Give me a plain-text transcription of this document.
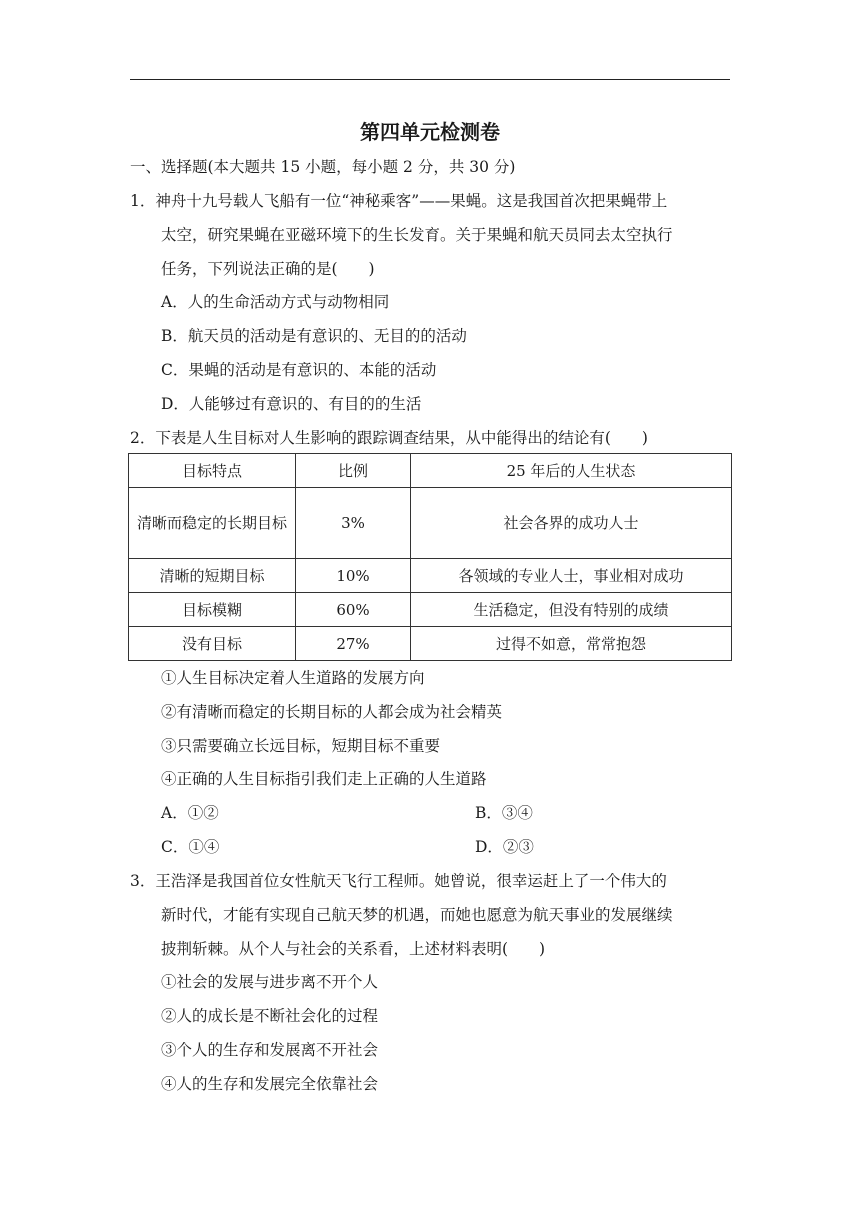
第四单元检测卷
一、选择题(本大题共 15 小题，每小题 2 分，共 30 分)
1．神舟十九号载人飞船有一位“神秘乘客”——果蝇。这是我国首次把果蝇带上
太空，研究果蝇在亚磁环境下的生长发育。关于果蝇和航天员同去太空执行
任务，下列说法正确的是(　　)
A．人的生命活动方式与动物相同
B．航天员的活动是有意识的、无目的的活动
C．果蝇的活动是有意识的、本能的活动
D．人能够过有意识的、有目的的生活
2．下表是人生目标对人生影响的跟踪调查结果，从中能得出的结论有(　　)
目标特点	比例	25 年后的人生状态
清晰而稳定的长期目标	3%	社会各界的成功人士
清晰的短期目标	10%	各领域的专业人士，事业相对成功
目标模糊	60%	生活稳定，但没有特别的成绩
没有目标	27%	过得不如意，常常抱怨
①人生目标决定着人生道路的发展方向
②有清晰而稳定的长期目标的人都会成为社会精英
③只需要确立长远目标，短期目标不重要
④正确的人生目标指引我们走上正确的人生道路
A．①②	B．③④
C．①④	D．②③
3．王浩泽是我国首位女性航天飞行工程师。她曾说，很幸运赶上了一个伟大的
新时代，才能有实现自己航天梦的机遇，而她也愿意为航天事业的发展继续
披荆斩棘。从个人与社会的关系看，上述材料表明(　　)
①社会的发展与进步离不开个人
②人的成长是不断社会化的过程
③个人的生存和发展离不开社会
④人的生存和发展完全依靠社会
